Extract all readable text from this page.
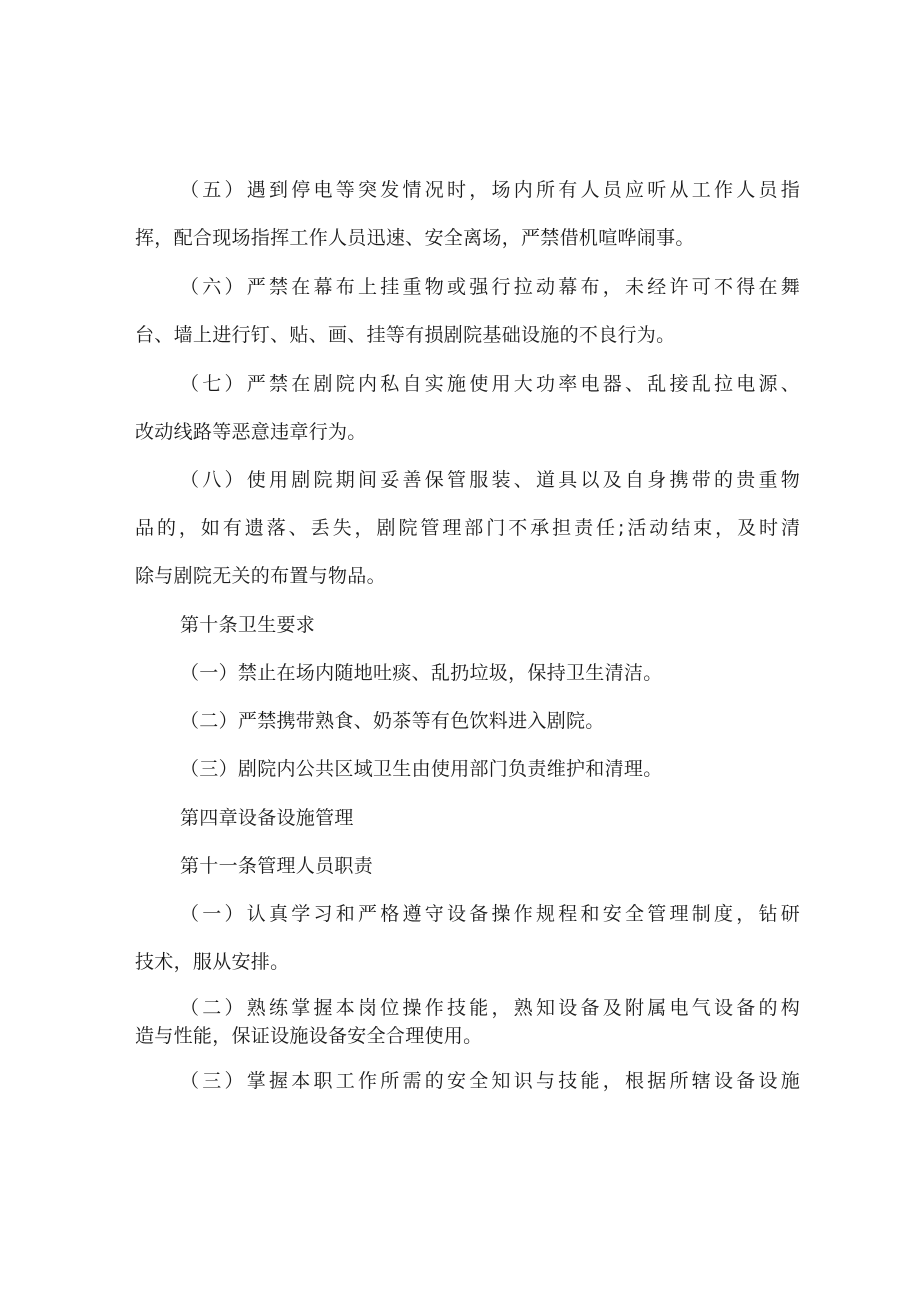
（五）遇到停电等突发情况时，场内所有人员应听从工作人员指

挥，配合现场指挥工作人员迅速、安全离场，严禁借机喧哗闹事。

（六）严禁在幕布上挂重物或强行拉动幕布，未经许可不得在舞

台、墙上进行钉、贴、画、挂等有损剧院基础设施的不良行为。

（七）严禁在剧院内私自实施使用大功率电器、乱接乱拉电源、

改动线路等恶意违章行为。

（八）使用剧院期间妥善保管服装、道具以及自身携带的贵重物

品的，如有遗落、丢失，剧院管理部门不承担责任;活动结束，及时清

除与剧院无关的布置与物品。

第十条卫生要求

（一）禁止在场内随地吐痰、乱扔垃圾，保持卫生清洁。

（二）严禁携带熟食、奶茶等有色饮料进入剧院。

（三）剧院内公共区域卫生由使用部门负责维护和清理。

第四章设备设施管理

第十一条管理人员职责

（一）认真学习和严格遵守设备操作规程和安全管理制度，钻研

技术，服从安排。

（二）熟练掌握本岗位操作技能，熟知设备及附属电气设备的构

造与性能，保证设施设备安全合理使用。

（三）掌握本职工作所需的安全知识与技能，根据所辖设备设施
